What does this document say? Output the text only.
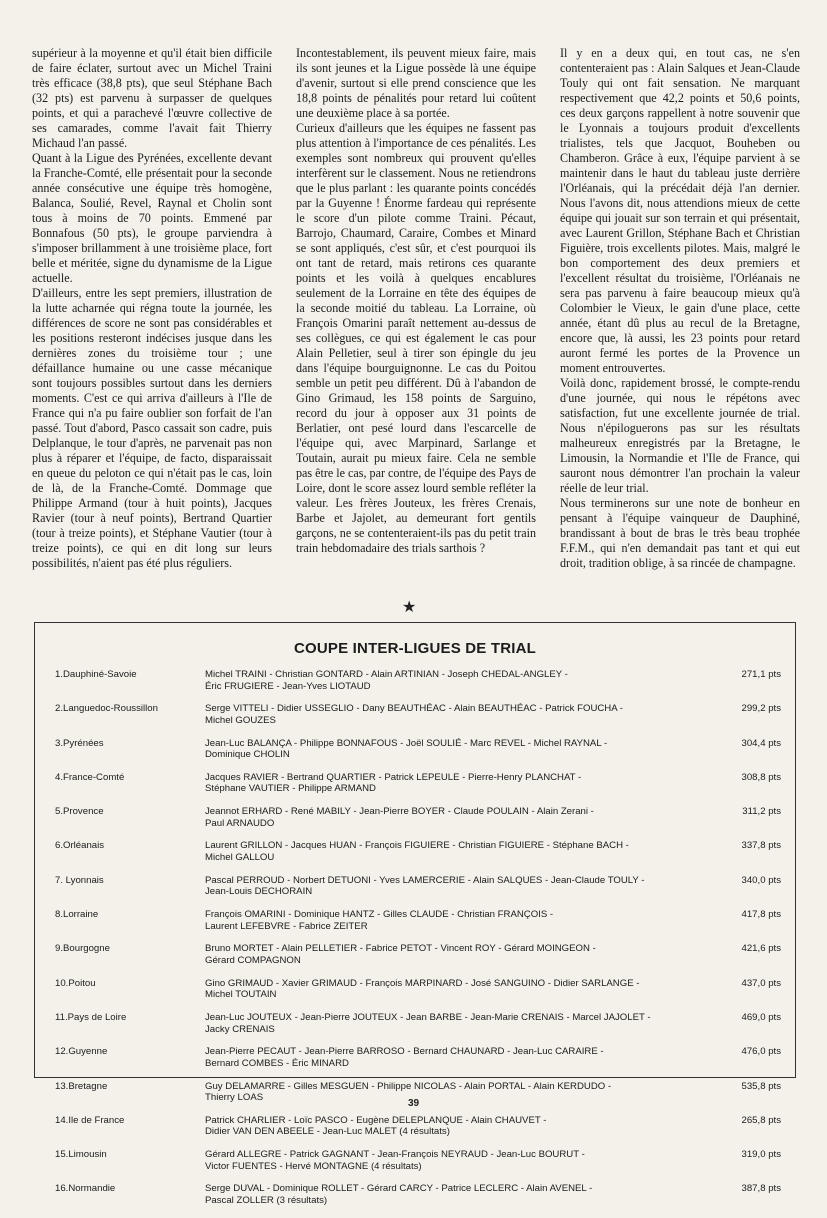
supérieur à la moyenne et qu'il était bien difficile de faire éclater, surtout avec un Michel Traini très efficace (38,8 pts), que seul Stéphane Bach (32 pts) est parvenu à surpasser de quelques points, et qui a parachevé l'œuvre collective de ses camarades, comme l'avait fait Thierry Michaud l'an passé.

Quant à la Ligue des Pyrénées, excellente devant la Franche-Comté, elle présentait pour la seconde année consécutive une équipe très homogène, Balanca, Soulié, Revel, Raynal et Cholin sont tous à moins de 70 points. Emmené par Bonnafous (50 pts), le groupe parviendra à s'imposer brillamment à une troisième place, fort belle et méritée, signe du dynamisme de la Ligue actuelle.

D'ailleurs, entre les sept premiers, illustration de la lutte acharnée qui régna toute la journée, les différences de score ne sont pas considérables et les positions resteront indécises jusque dans les dernières zones du troisième tour ; une défaillance humaine ou une casse mécanique sont toujours possibles surtout dans les derniers moments. C'est ce qui arriva d'ailleurs à l'Ile de France qui n'a pu faire oublier son forfait de l'an passé. Tout d'abord, Pasco cassait son cadre, puis Delplanque, le tour d'après, ne parvenait pas non plus à réparer et l'équipe, de facto, disparaissait en queue du peloton ce qui n'était pas le cas, loin de là, de la Franche-Comté. Dommage que Philippe Armand (tour à huit points), Jacques Ravier (tour à neuf points), Bertrand Quartier (tour à treize points), et Stéphane Vautier (tour à treize points), ce qui en dit long sur leurs possibilités, n'aient pas été plus réguliers.

Incontestablement, ils peuvent mieux faire, mais ils sont jeunes et la Ligue possède là une équipe d'avenir, surtout si elle prend conscience que les 18,8 points de pénalités pour retard lui coûtent une deuxième place à sa portée.

Curieux d'ailleurs que les équipes ne fassent pas plus attention à l'importance de ces pénalités. Les exemples sont nombreux qui prouvent qu'elles interfèrent sur le classement. Nous ne retiendrons que le plus parlant : les quarante points concédés par la Guyenne ! Énorme fardeau qui représente le score d'un pilote comme Traini. Pécaut, Barrojo, Chaumard, Caraire, Combes et Minard se sont appliqués, c'est sûr, et c'est pourquoi ils ont tant de retard, mais retirons ces quarante points et les voilà à quelques encablures seulement de la Lorraine en tête des équipes de la seconde moitié du tableau. La Lorraine, où François Omarini paraît nettement au-dessus de ses collègues, ce qui est également le cas pour Alain Pelletier, seul à tirer son épingle du jeu dans l'équipe bourguignonne. Le cas du Poitou semble un petit peu différent. Dû à l'abandon de Gino Grimaud, les 158 points de Sarguino, record du jour à opposer aux 31 points de Berlatier, ont pesé lourd dans l'escarcelle de l'équipe qui, avec Marpinard, Sarlange et Toutain, aurait pu mieux faire. Cela ne semble pas être le cas, par contre, de l'équipe des Pays de Loire, dont le score assez lourd semble refléter la valeur. Les frères Jouteux, les frères Crenais, Barbe et Jajolet, au demeurant fort gentils garçons, ne se contenteraient-ils pas du petit train train hebdomadaire des trials sarthois ?

Il y en a deux qui, en tout cas, ne s'en contenteraient pas : Alain Salques et Jean-Claude Touly qui ont fait sensation. Ne marquant respectivement que 42,2 points et 50,6 points, ces deux garçons rappellent à notre souvenir que le Lyonnais a toujours produit d'excellents trialistes, tels que Jacquot, Bouheben ou Chamberon. Grâce à eux, l'équipe parvient à se maintenir dans le haut du tableau juste derrière l'Orléanais, qui la précédait déjà l'an dernier. Nous l'avons dit, nous attendions mieux de cette équipe qui jouait sur son terrain et qui présentait, avec Laurent Grillon, Stéphane Bach et Christian Figuière, trois excellents pilotes. Mais, malgré le bon comportement des deux premiers et l'excellent résultat du troisième, l'Orléanais ne sera pas parvenu à faire beaucoup mieux qu'à Colombier le Vieux, le gain d'une place, cette année, étant dû plus au recul de la Bretagne, encore que, là aussi, les 23 points pour retard auront fermé les portes de la Provence un moment entrouvertes.

Voilà donc, rapidement brossé, le compte-rendu d'une journée, qui nous le répétons avec satisfaction, fut une excellente journée de trial. Nous n'épiloguerons pas sur les résultats malheureux enregistrés par la Bretagne, le Limousin, la Normandie et l'Ile de France, qui sauront nous démontrer l'an prochain la valeur réelle de leur trial.

Nous terminerons sur une note de bonheur en pensant à l'équipe vainqueur de Dauphiné, brandissant à bout de bras le très beau trophée F.F.M., qui n'en demandait pas tant et qui eut droit, tradition oblige, à sa rincée de champagne.

★
COUPE INTER-LIGUES DE TRIAL
1.Dauphiné-Savoie	Michel TRAINI - Christian GONTARD - Alain ARTINIAN - Joseph CHEDAL-ANGLEY -
Éric FRUGIERE - Jean-Yves LIOTAUD
271,1 pts
2.Languedoc-Roussillon	Serge VITTELI - Didier USSEGLIO - Dany BEAUTHÉAC - Alain BEAUTHÉAC - Patrick FOUCHA -
Michel GOUZES
299,2 pts
3.Pyrénées	Jean-Luc BALANÇA - Philippe BONNAFOUS - Joël SOULIÉ - Marc REVEL - Michel RAYNAL -
Dominique CHOLIN
304,4 pts
4.France-Comté	Jacques RAVIER - Bertrand QUARTIER - Patrick LEPEULE - Pierre-Henry PLANCHAT -
Stéphane VAUTIER - Philippe ARMAND
308,8 pts
5.Provence	Jeannot ERHARD - René MABILY - Jean-Pierre BOYER - Claude POULAIN - Alain Zerani -
Paul ARNAUDO
311,2 pts
6.Orléanais	Laurent GRILLON - Jacques HUAN - François FIGUIERE - Christian FIGUIERE - Stéphane BACH -
Michel GALLOU
337,8 pts
7. Lyonnais	Pascal PERROUD - Norbert DETUONI - Yves LAMERCERIE - Alain SALQUES - Jean-Claude TOULY -
Jean-Louis DECHORAIN
340,0 pts
8.Lorraine	François OMARINI - Dominique HANTZ - Gilles CLAUDE - Christian FRANÇOIS -
Laurent LEFEBVRE - Fabrice ZEITER
417,8 pts
9.Bourgogne	Bruno MORTET - Alain PELLETIER - Fabrice PETOT - Vincent ROY - Gérard MOINGEON -
Gérard COMPAGNON
421,6 pts
10.Poitou	Gino GRIMAUD - Xavier GRIMAUD - François MARPINARD - José SANGUINO - Didier SARLANGE -
Michel TOUTAIN
437,0 pts
11.Pays de Loire	Jean-Luc JOUTEUX - Jean-Pierre JOUTEUX - Jean BARBE - Jean-Marie CRENAIS - Marcel JAJOLET -
Jacky CRENAIS
469,0 pts
12.Guyenne	Jean-Pierre PECAUT - Jean-Pierre BARROSO - Bernard CHAUNARD - Jean-Luc CARAIRE -
Bernard COMBES - Éric MINARD
476,0 pts
13.Bretagne	Guy DELAMARRE - Gilles MESGUEN - Philippe NICOLAS - Alain PORTAL - Alain KERDUDO -
Thierry LOAS
535,8 pts
14.Ile de France	Patrick CHARLIER - Loïc PASCO - Eugène DELEPLANQUE - Alain CHAUVET -
Didier VAN DEN ABEELE - Jean-Luc MALET (4 résultats)
265,8 pts
15.Limousin	Gérard ALLEGRE - Patrick GAGNANT - Jean-François NEYRAUD - Jean-Luc BOURUT -
Victor FUENTES - Hervé MONTAGNE (4 résultats)
319,0 pts
16.Normandie	Serge DUVAL - Dominique ROLLET - Gérard CARCY - Patrice LECLERC - Alain AVENEL -
Pascal ZOLLER (3 résultats)
387,8 pts
39
